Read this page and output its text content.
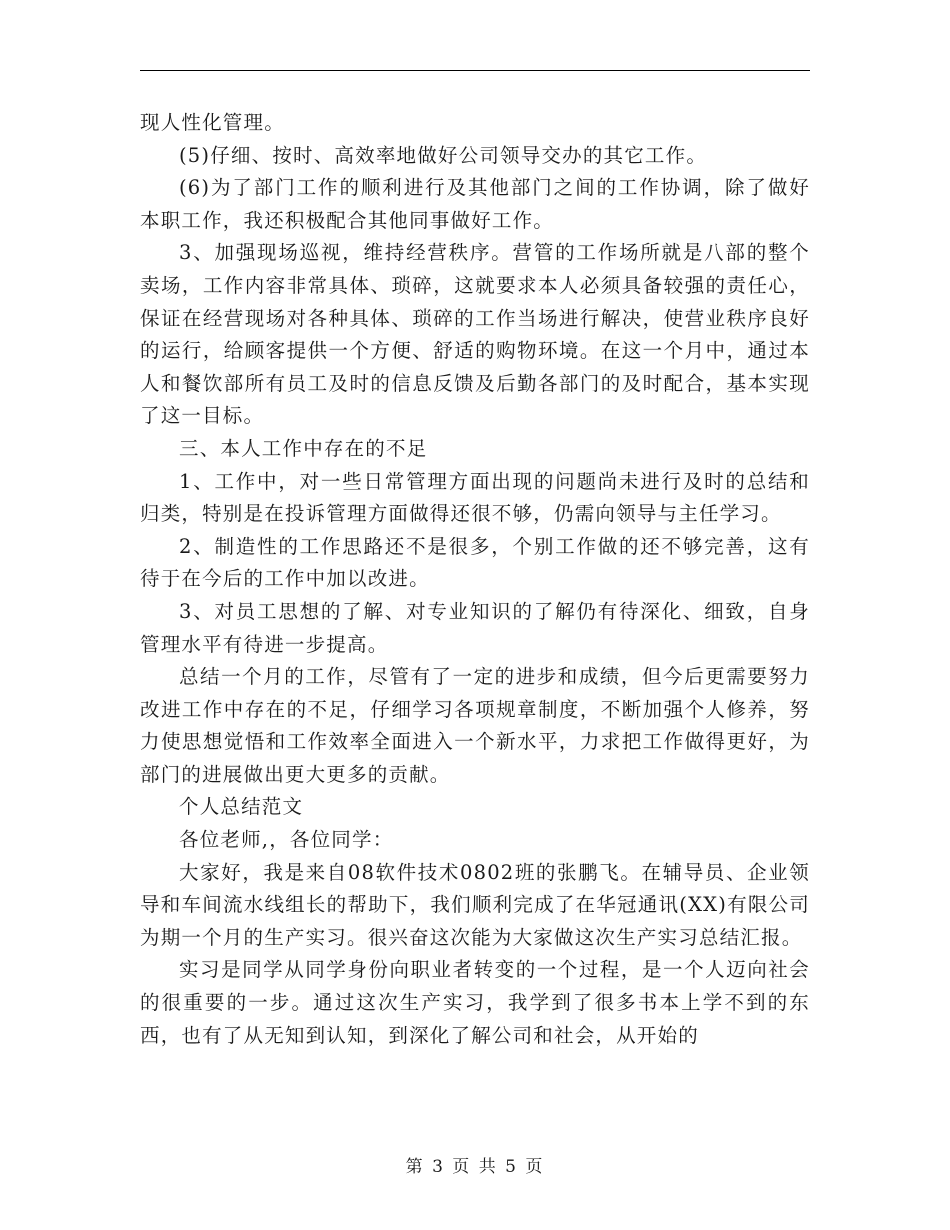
现人性化管理。

(5)仔细、按时、高效率地做好公司领导交办的其它工作。

(6)为了部门工作的顺利进行及其他部门之间的工作协调，除了做好本职工作，我还积极配合其他同事做好工作。

3、加强现场巡视，维持经营秩序。营管的工作场所就是八部的整个卖场，工作内容非常具体、琐碎，这就要求本人必须具备较强的责任心，保证在经营现场对各种具体、琐碎的工作当场进行解决，使营业秩序良好的运行，给顾客提供一个方便、舒适的购物环境。在这一个月中，通过本人和餐饮部所有员工及时的信息反馈及后勤各部门的及时配合，基本实现了这一目标。

三、本人工作中存在的不足

1、工作中，对一些日常管理方面出现的问题尚未进行及时的总结和归类，特别是在投诉管理方面做得还很不够，仍需向领导与主任学习。

2、制造性的工作思路还不是很多，个别工作做的还不够完善，这有待于在今后的工作中加以改进。

3、对员工思想的了解、对专业知识的了解仍有待深化、细致，自身管理水平有待进一步提高。

总结一个月的工作，尽管有了一定的进步和成绩，但今后更需要努力改进工作中存在的不足，仔细学习各项规章制度，不断加强个人修养，努力使思想觉悟和工作效率全面进入一个新水平，力求把工作做得更好，为部门的进展做出更大更多的贡献。

个人总结范文

各位老师,，各位同学：

大家好，我是来自08软件技术0802班的张鹏飞。在辅导员、企业领导和车间流水线组长的帮助下，我们顺利完成了在华冠通讯(XX)有限公司为期一个月的生产实习。很兴奋这次能为大家做这次生产实习总结汇报。

实习是同学从同学身份向职业者转变的一个过程，是一个人迈向社会的很重要的一步。通过这次生产实习，我学到了很多书本上学不到的东西，也有了从无知到认知，到深化了解公司和社会，从开始的

第 3 页 共 5 页
